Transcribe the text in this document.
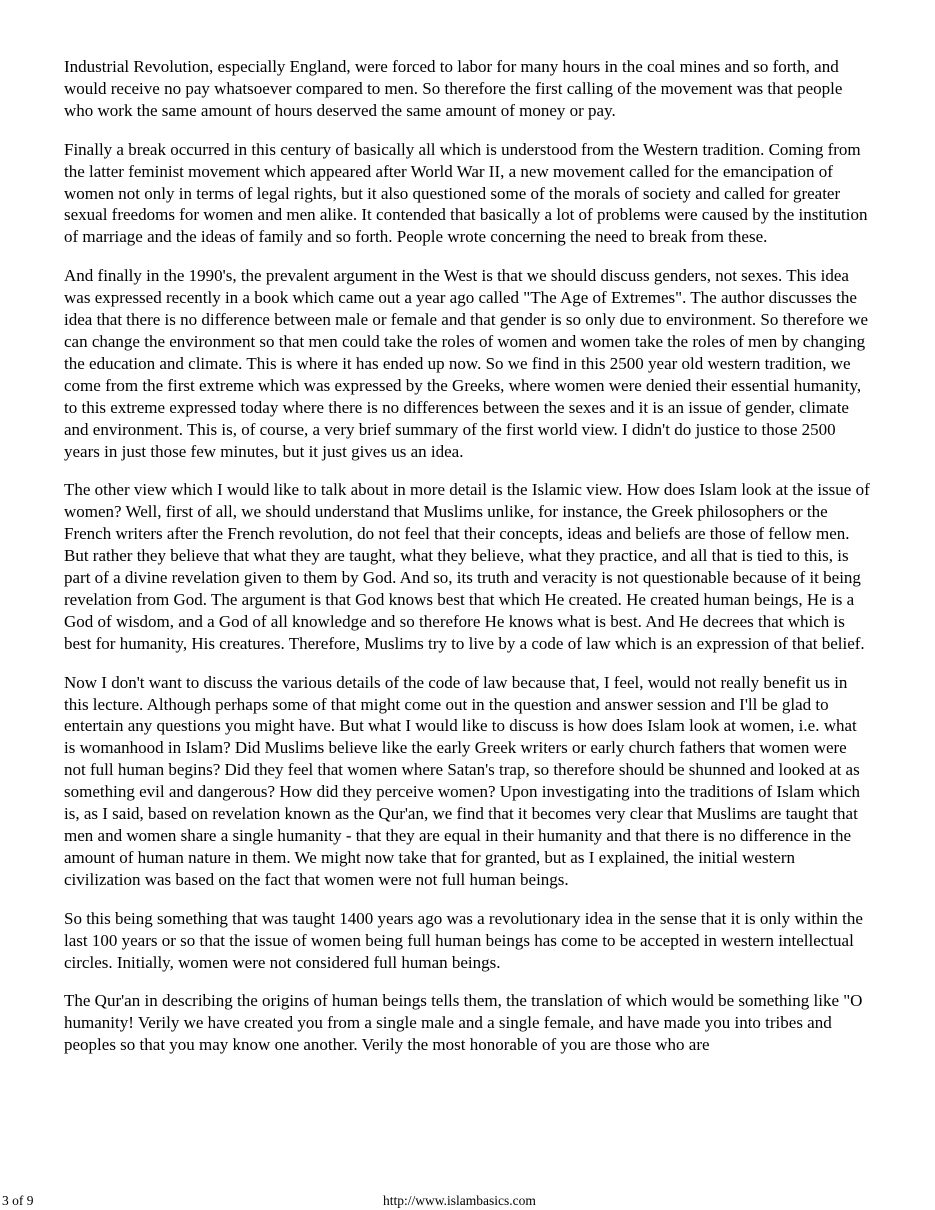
Industrial Revolution, especially England, were forced to labor for many hours in the coal mines and so forth, and would receive no pay whatsoever compared to men. So therefore the first calling of the movement was that people who work the same amount of hours deserved the same amount of money or pay.

Finally a break occurred in this century of basically all which is understood from the Western tradition. Coming from the latter feminist movement which appeared after World War II, a new movement called for the emancipation of women not only in terms of legal rights, but it also questioned some of the morals of society and called for greater sexual freedoms for women and men alike. It contended that basically a lot of problems were caused by the institution of marriage and the ideas of family and so forth. People wrote concerning the need to break from these.

And finally in the 1990's, the prevalent argument in the West is that we should discuss genders, not sexes. This idea was expressed recently in a book which came out a year ago called "The Age of Extremes". The author discusses the idea that there is no difference between male or female and that gender is so only due to environment. So therefore we can change the environment so that men could take the roles of women and women take the roles of men by changing the education and climate. This is where it has ended up now. So we find in this 2500 year old western tradition, we come from the first extreme which was expressed by the Greeks, where women were denied their essential humanity, to this extreme expressed today where there is no differences between the sexes and it is an issue of gender, climate and environment. This is, of course, a very brief summary of the first world view. I didn't do justice to those 2500 years in just those few minutes, but it just gives us an idea.

The other view which I would like to talk about in more detail is the Islamic view. How does Islam look at the issue of women? Well, first of all, we should understand that Muslims unlike, for instance, the Greek philosophers or the French writers after the French revolution, do not feel that their concepts, ideas and beliefs are those of fellow men. But rather they believe that what they are taught, what they believe, what they practice, and all that is tied to this, is part of a divine revelation given to them by God. And so, its truth and veracity is not questionable because of it being revelation from God. The argument is that God knows best that which He created. He created human beings, He is a God of wisdom, and a God of all knowledge and so therefore He knows what is best. And He decrees that which is best for humanity, His creatures. Therefore, Muslims try to live by a code of law which is an expression of that belief.

Now I don't want to discuss the various details of the code of law because that, I feel, would not really benefit us in this lecture. Although perhaps some of that might come out in the question and answer session and I'll be glad to entertain any questions you might have. But what I would like to discuss is how does Islam look at women, i.e. what is womanhood in Islam? Did Muslims believe like the early Greek writers or early church fathers that women were not full human begins? Did they feel that women where Satan's trap, so therefore should be shunned and looked at as something evil and dangerous? How did they perceive women? Upon investigating into the traditions of Islam which is, as I said, based on revelation known as the Qur'an, we find that it becomes very clear that Muslims are taught that men and women share a single humanity - that they are equal in their humanity and that there is no difference in the amount of human nature in them. We might now take that for granted, but as I explained, the initial western civilization was based on the fact that women were not full human beings.

So this being something that was taught 1400 years ago was a revolutionary idea in the sense that it is only within the last 100 years or so that the issue of women being full human beings has come to be accepted in western intellectual circles. Initially, women were not considered full human beings.

The Qur'an in describing the origins of human beings tells them, the translation of which would be something like "O humanity! Verily we have created you from a single male and a single female, and have made you into tribes and peoples so that you may know one another. Verily the most honorable of you are those who are

3 of 9	http://www.islambasics.com
